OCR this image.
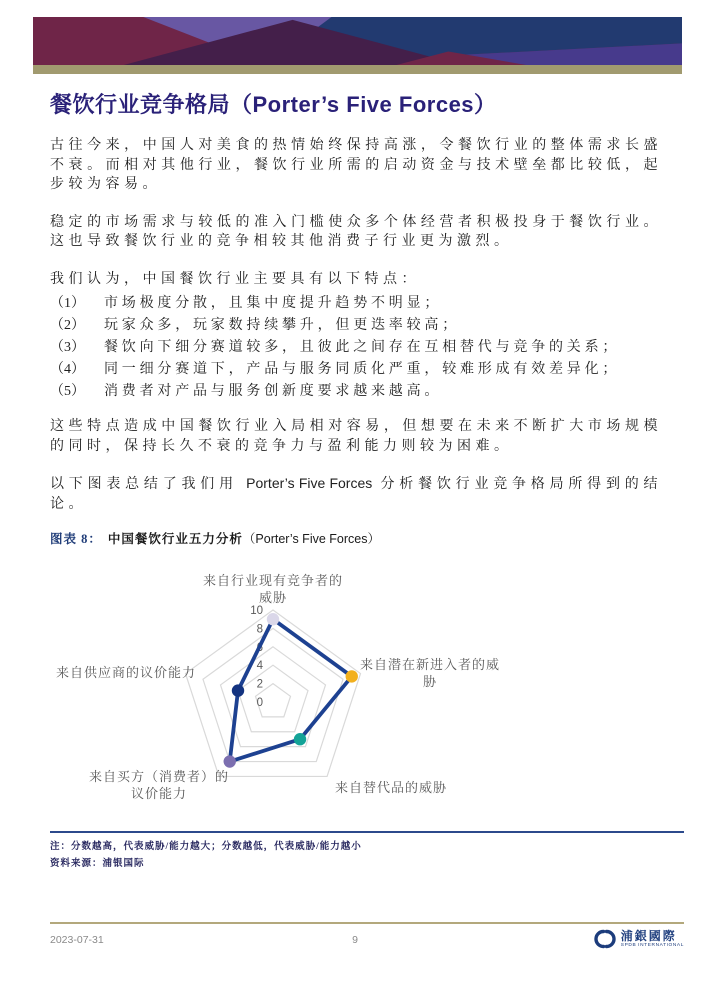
餐饮行业竞争格局（Porter’s Five Forces）

古往今来，中国人对美食的热情始终保持高涨，令餐饮行业的整体需求长盛不衰。而相对其他行业，餐饮行业所需的启动资金与技术壁垒都比较低，起步较为容易。

稳定的市场需求与较低的准入门槛使众多个体经营者积极投身于餐饮行业。这也导致餐饮行业的竞争相较其他消费子行业更为激烈。

我们认为，中国餐饮行业主要具有以下特点：

（1）	市场极度分散，且集中度提升趋势不明显；
（2）	玩家众多，玩家数持续攀升，但更迭率较高；
（3）	餐饮向下细分赛道较多，且彼此之间存在互相替代与竞争的关系；
（4）	同一细分赛道下，产品与服务同质化严重，较难形成有效差异化；
（5）	消费者对产品与服务创新度要求越来越高。

这些特点造成中国餐饮行业入局相对容易，但想要在未来不断扩大市场规模的同时，保持长久不衰的竞争力与盈利能力则较为困难。

以下图表总结了我们用 Porter’s Five Forces 分析餐饮行业竞争格局所得到的结论。

图表 8： 中国餐饮行业五力分析（Porter’s Five Forces）
0
2
4
6
8
10
来自行业现有竞争者的威胁
来自潜在新进入者的威胁
来自替代品的威胁
来自买方（消费者）的议价能力
来自供应商的议价能力
注：分数越高，代表威胁/能力越大；分数越低，代表威胁/能力越小
资料来源：浦银国际
2023-07-31	9	浦銀國際
SPDB INTERNATIONAL
